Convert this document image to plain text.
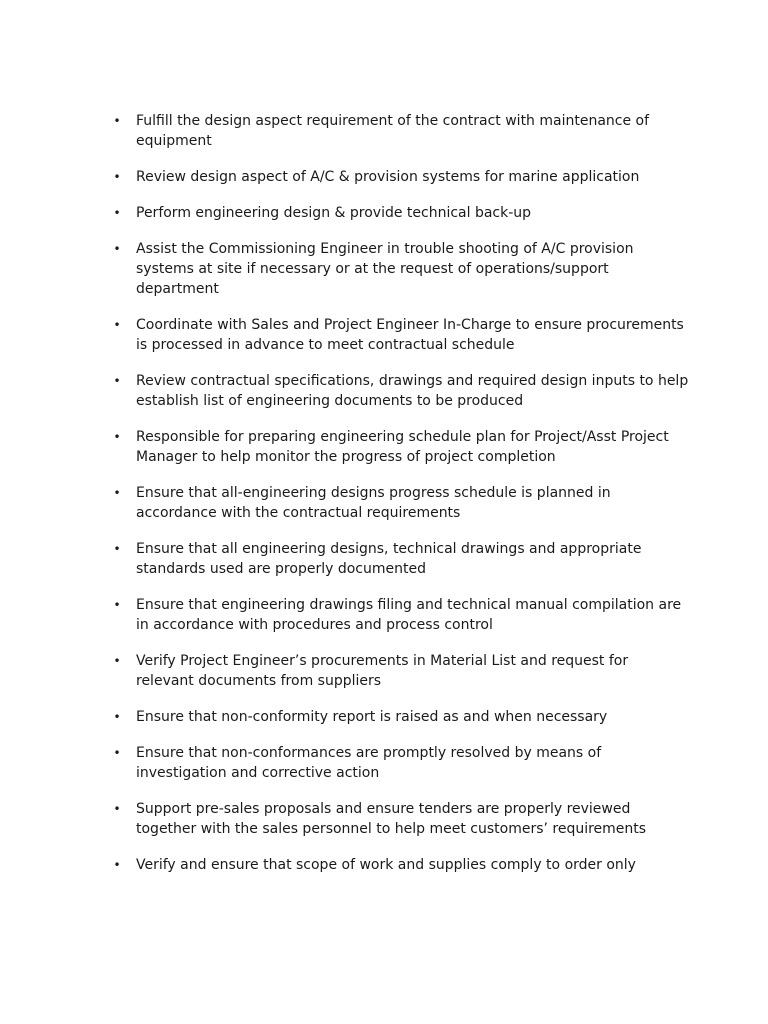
• Fulfill the design aspect requirement of the contract with maintenance of equipment
• Review design aspect of A/C & provision systems for marine application
• Perform engineering design & provide technical back-up
• Assist the Commissioning Engineer in trouble shooting of A/C provision systems at site if necessary or at the request of operations/support department
• Coordinate with Sales and Project Engineer In-Charge to ensure procurements is processed in advance to meet contractual schedule
• Review contractual specifications, drawings and required design inputs to help establish list of engineering documents to be produced
• Responsible for preparing engineering schedule plan for Project/Asst Project Manager to help monitor the progress of project completion
• Ensure that all-engineering designs progress schedule is planned in accordance with the contractual requirements
• Ensure that all engineering designs, technical drawings and appropriate standards used are properly documented
• Ensure that engineering drawings filing and technical manual compilation are in accordance with procedures and process control
• Verify Project Engineer’s procurements in Material List and request for relevant documents from suppliers
• Ensure that non-conformity report is raised as and when necessary
• Ensure that non-conformances are promptly resolved by means of investigation and corrective action
• Support pre-sales proposals and ensure tenders are properly reviewed together with the sales personnel to help meet customers’ requirements
• Verify and ensure that scope of work and supplies comply to order only
